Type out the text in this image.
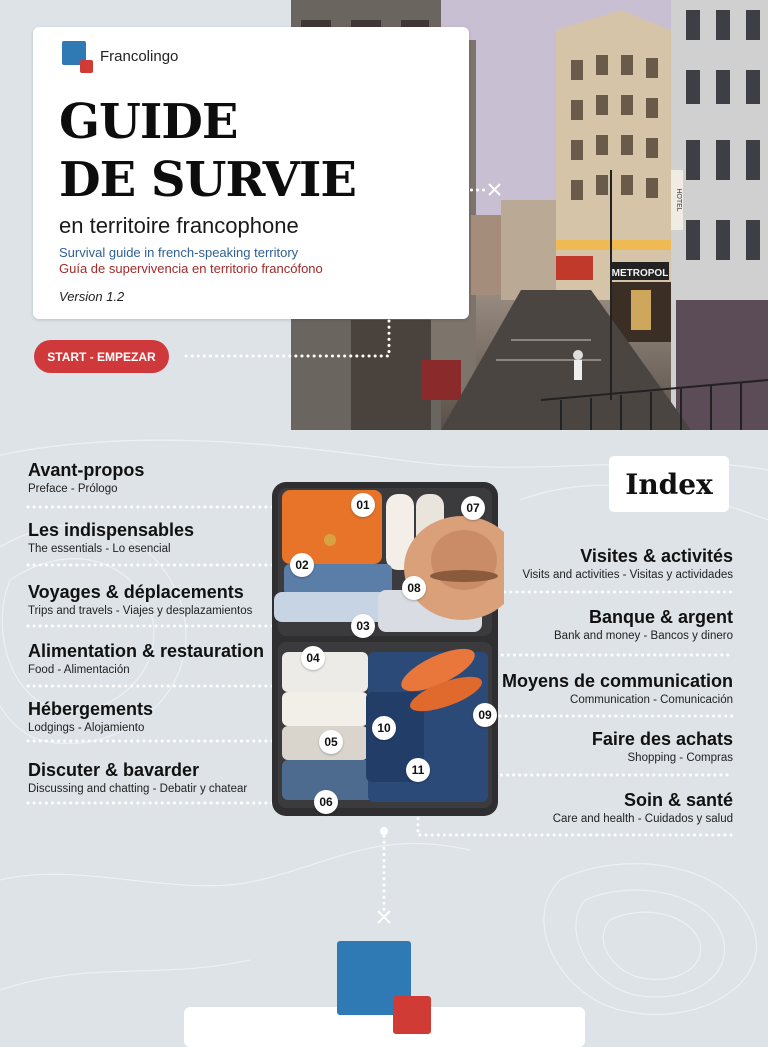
METROPOL
HOTEL
Francolingo
GUIDE
DE SURVIE
en territoire francophone
Survival guide in french-speaking territory
Guía de supervivencia en territorio francófono
Version 1.2
START - EMPEZAR
01
02
03
04
05
06
07
08
09
10
11
Index
Avant-propos
Preface - Prólogo
Les indispensables
The essentials - Lo esencial
Voyages & déplacements
Trips and travels - Viajes y desplazamientos
Alimentation & restauration
Food - Alimentación
Hébergements
Lodgings - Alojamiento
Discuter & bavarder
Discussing and chatting - Debatir y chatear
Visites & activités
Visits and activities - Visitas y actividades
Banque & argent
Bank and money - Bancos y dinero
Moyens de communication
Communication - Comunicación
Faire des achats
Shopping - Compras
Soin & santé
Care and health - Cuidados y salud
